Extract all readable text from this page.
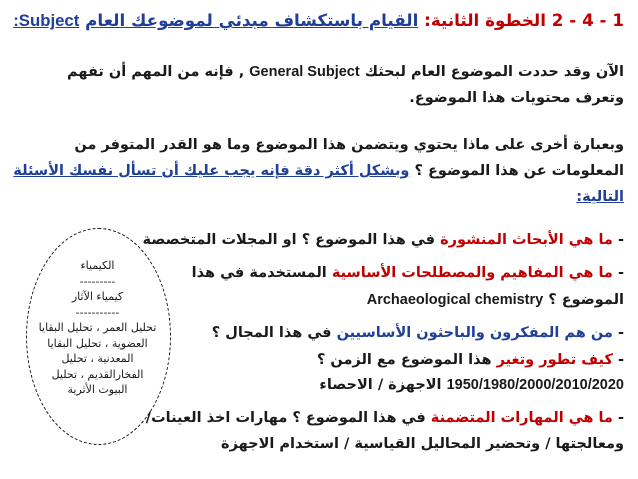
1 - 4 - 2 الخطوة الثانية: القيام باستكشاف مبدئي لموضوعك العام :Subject
الآن وقد حددت الموضوع العام لبحثك General Subject , فإنه من المهم أن تفهم
وتعرف محتويات هذا الموضوع.
وبعبارة أخرى على ماذا يحتوي ويتضمن هذا الموضوع وما هو القدر المتوفر من
المعلومات عن هذا الموضوع ؟ وبشكل أكثر دقة فإنه يجب عليك أن تسأل نفسك الأسئلة
التالية:
- ما هي الأبحاث المنشورة في هذا الموضوع ؟ او المجلات المتخصصة
- ما هي المفاهيم والمصطلحات الأساسية المستخدمة في هذا
الموضوع ؟ Archaeological chemistry
- من هم المفكرون والباحثون الأساسيين في هذا المجال ؟
- كيف تطور وتغير هذا الموضوع مع الزمن ؟
1950/1980/2000/2010/2020 الاجهزة / الاحصاء
- ما هي المهارات المتضمنة في هذا الموضوع ؟ مهارات اخذ العينات/
ومعالجتها / وتحضير المحاليل القياسية / استخدام الاجهزة
الكيمياء
---------
كيمياء الآثار
-----------
تحليل العمر ، تحليل البقايا
العضوية ، تحليل البقايا
المعدنية ، تحليل
الفخارالقديم ، تحليل
البيوت الأثرية
